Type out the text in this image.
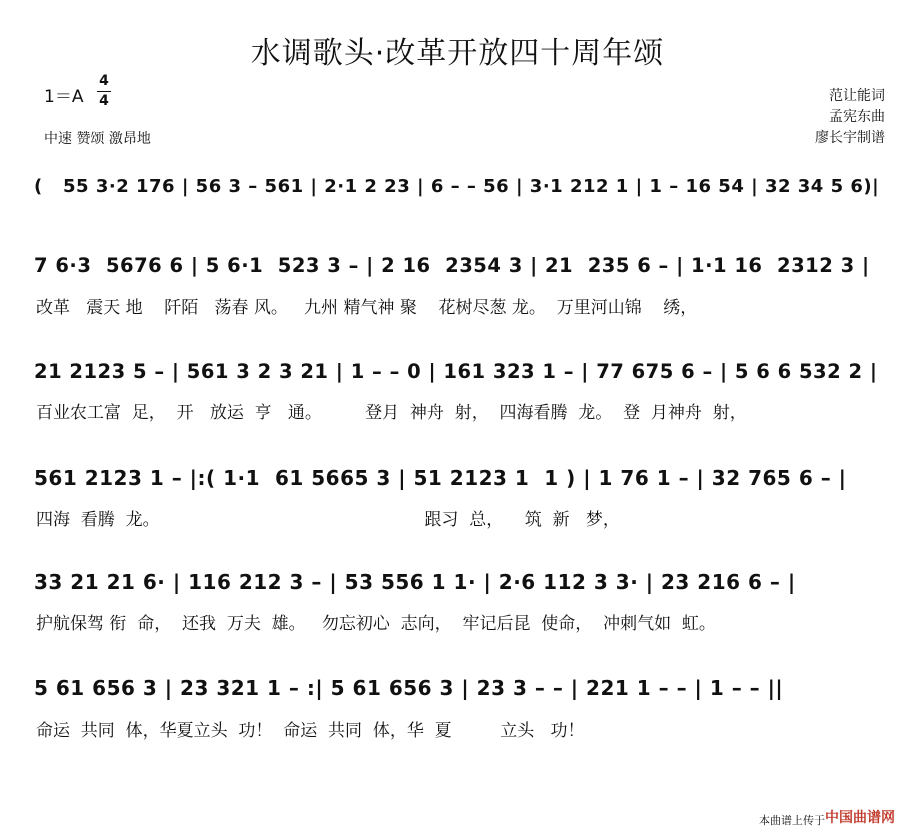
水调歌头·改革开放四十周年颂
1＝A
4
4
中速 赞颂 激昂地
范让能词
孟宪东曲
廖长宇制谱
(   55 3·2 176 | 56 3 – 561 | 2·1 2 23 | 6 – – 56 | 3·1 212 1 | 1 – 16 54 | 32 34 5 6)|
7 6·3  5676 6 | 5 6·1  523 3 – | 2 16  2354 3 | 21  235 6 – | 1·1 16  2312 3 |
改革   震天 地    阡陌   荡春 风。   九州 精气神 聚    花树尽葱 龙。  万里河山锦    绣，
21 2123 5 – | 561 3 2 3 21 | 1 – – 0 | 161 323 1 – | 77 675 6 – | 5 6 6 532 2 |
百业农工富  足，  开   放运  亨   通。        登月  神舟  射，  四海看腾  龙。  登  月神舟  射，
561 2123 1 – |:( 1·1  61 5665 3 | 51 2123 1  1 ) | 1 76 1 – | 32 765 6 – |
四海  看腾  龙。                                                 跟习  总，    筑  新   梦，
33 21 21 6· | 116 212 3 – | 53 556 1 1· | 2·6 112 3 3· | 23 216 6 – |
护航保驾 衔  命，  还我  万夫  雄。   勿忘初心  志向，  牢记后昆  使命，  冲刺气如  虹。
5 61 656 3 | 23 321 1 – :| 5 61 656 3 | 23 3 – – | 221 1 – – | 1 – – ||
命运  共同  体，华夏立头  功！  命运  共同  体，华  夏         立头   功！
本曲谱上传于 中国曲谱网
